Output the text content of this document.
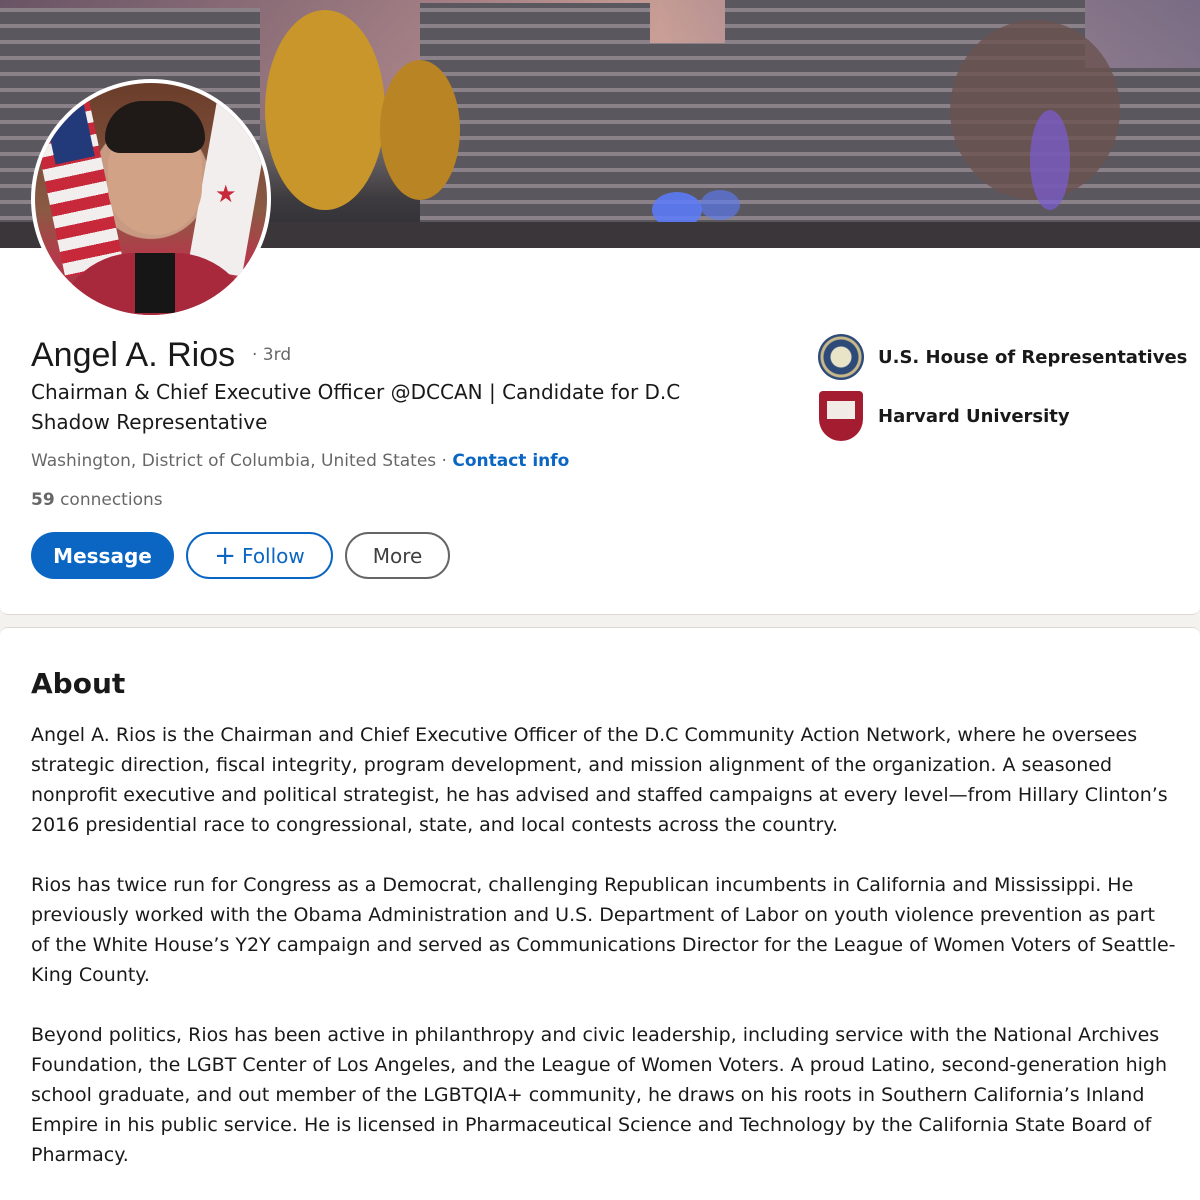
★
Angel A. Rios · 3rd
Chairman & Chief Executive Officer @DCCAN | Candidate for D.C Shadow Representative
Washington, District of Columbia, United States · Contact info
59 connections
Message	+ Follow	More
U.S. House of Representatives
Harvard University
About

Angel A. Rios is the Chairman and Chief Executive Officer of the D.C Community Action Network, where he oversees strategic direction, fiscal integrity, program development, and mission alignment of the organization. A seasoned nonprofit executive and political strategist, he has advised and staffed campaigns at every level—from Hillary Clinton’s 2016 presidential race to congressional, state, and local contests across the country.

Rios has twice run for Congress as a Democrat, challenging Republican incumbents in California and Mississippi. He previously worked with the Obama Administration and U.S. Department of Labor on youth violence prevention as part of the White House’s Y2Y campaign and served as Communications Director for the League of Women Voters of Seattle-King County.

Beyond politics, Rios has been active in philanthropy and civic leadership, including service with the National Archives Foundation, the LGBT Center of Los Angeles, and the League of Women Voters. A proud Latino, second-generation high school graduate, and out member of the LGBTQIA+ community, he draws on his roots in Southern California’s Inland Empire in his public service. He is licensed in Pharmaceutical Science and Technology by the California State Board of Pharmacy.
